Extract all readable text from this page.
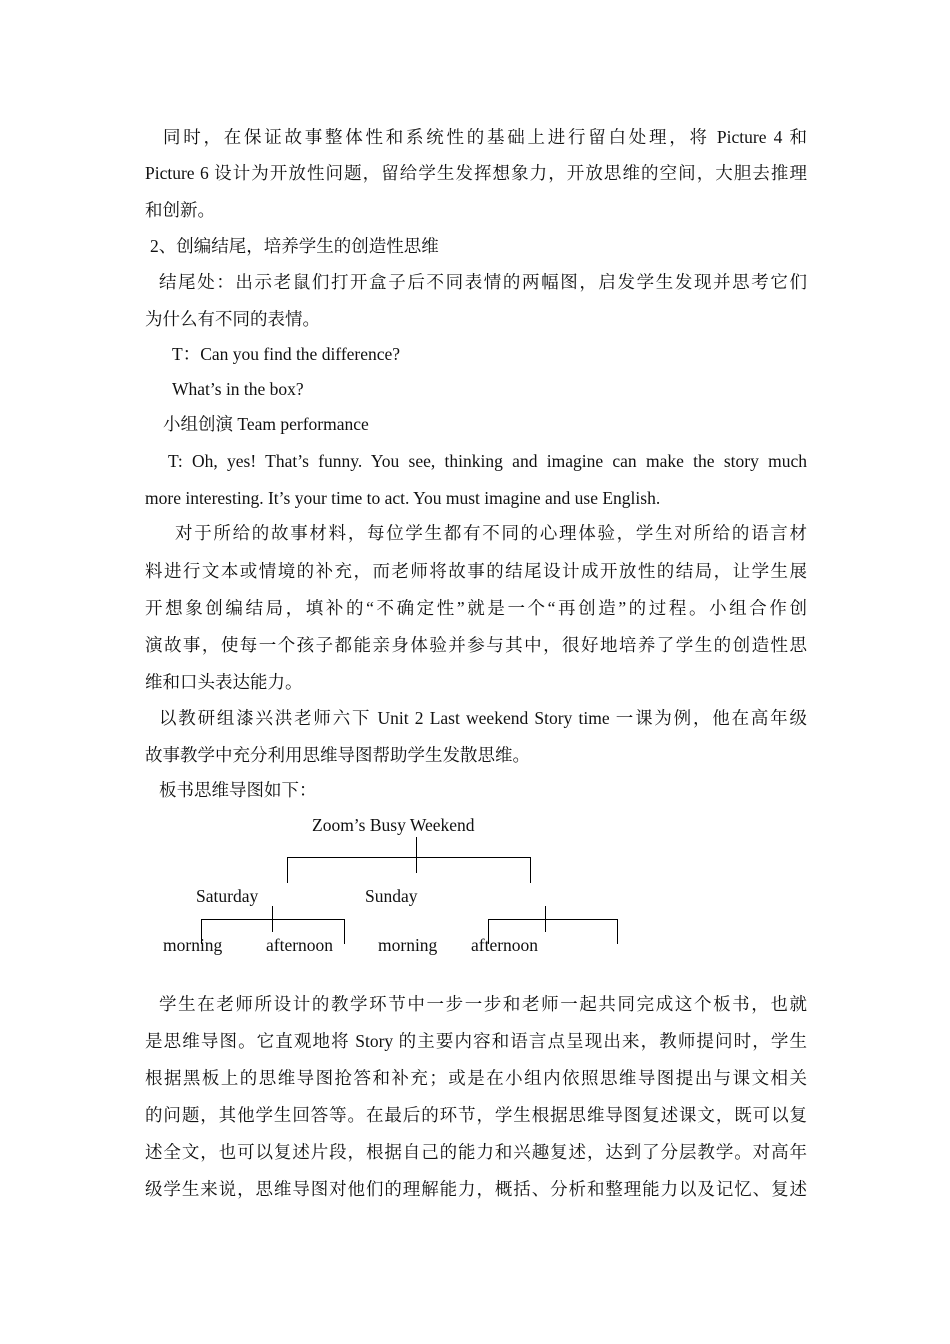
同时，在保证故事整体性和系统性的基础上进行留白处理，将 Picture 4 和
Picture 6 设计为开放性问题，留给学生发挥想象力，开放思维的空间，大胆去推理
和创新。
2、创编结尾，培养学生的创造性思维
结尾处：出示老鼠们打开盒子后不同表情的两幅图，启发学生发现并思考它们
为什么有不同的表情。
T：Can you find the difference?
What’s in the box?
小组创演 Team performance
T: Oh, yes! That’s funny. You see, thinking and imagine can make the story much
more interesting. It’s your time to act. You must imagine and use English.
对于所给的故事材料，每位学生都有不同的心理体验，学生对所给的语言材
料进行文本或情境的补充，而老师将故事的结尾设计成开放性的结局，让学生展
开想象创编结局，填补的“不确定性”就是一个“再创造”的过程。小组合作创
演故事，使每一个孩子都能亲身体验并参与其中，很好地培养了学生的创造性思
维和口头表达能力。
以教研组漆兴洪老师六下 Unit 2 Last weekend Story time 一课为例，他在高年级
故事教学中充分利用思维导图帮助学生发散思维。
板书思维导图如下：
Zoom’s Busy Weekend
Saturday	Sunday
morning afternoon	morning afternoon
学生在老师所设计的教学环节中一步一步和老师一起共同完成这个板书，也就
是思维导图。它直观地将 Story 的主要内容和语言点呈现出来，教师提问时，学生
根据黑板上的思维导图抢答和补充；或是在小组内依照思维导图提出与课文相关
的问题，其他学生回答等。在最后的环节，学生根据思维导图复述课文，既可以复
述全文，也可以复述片段，根据自己的能力和兴趣复述，达到了分层教学。对高年
级学生来说，思维导图对他们的理解能力，概括、分析和整理能力以及记忆、复述
